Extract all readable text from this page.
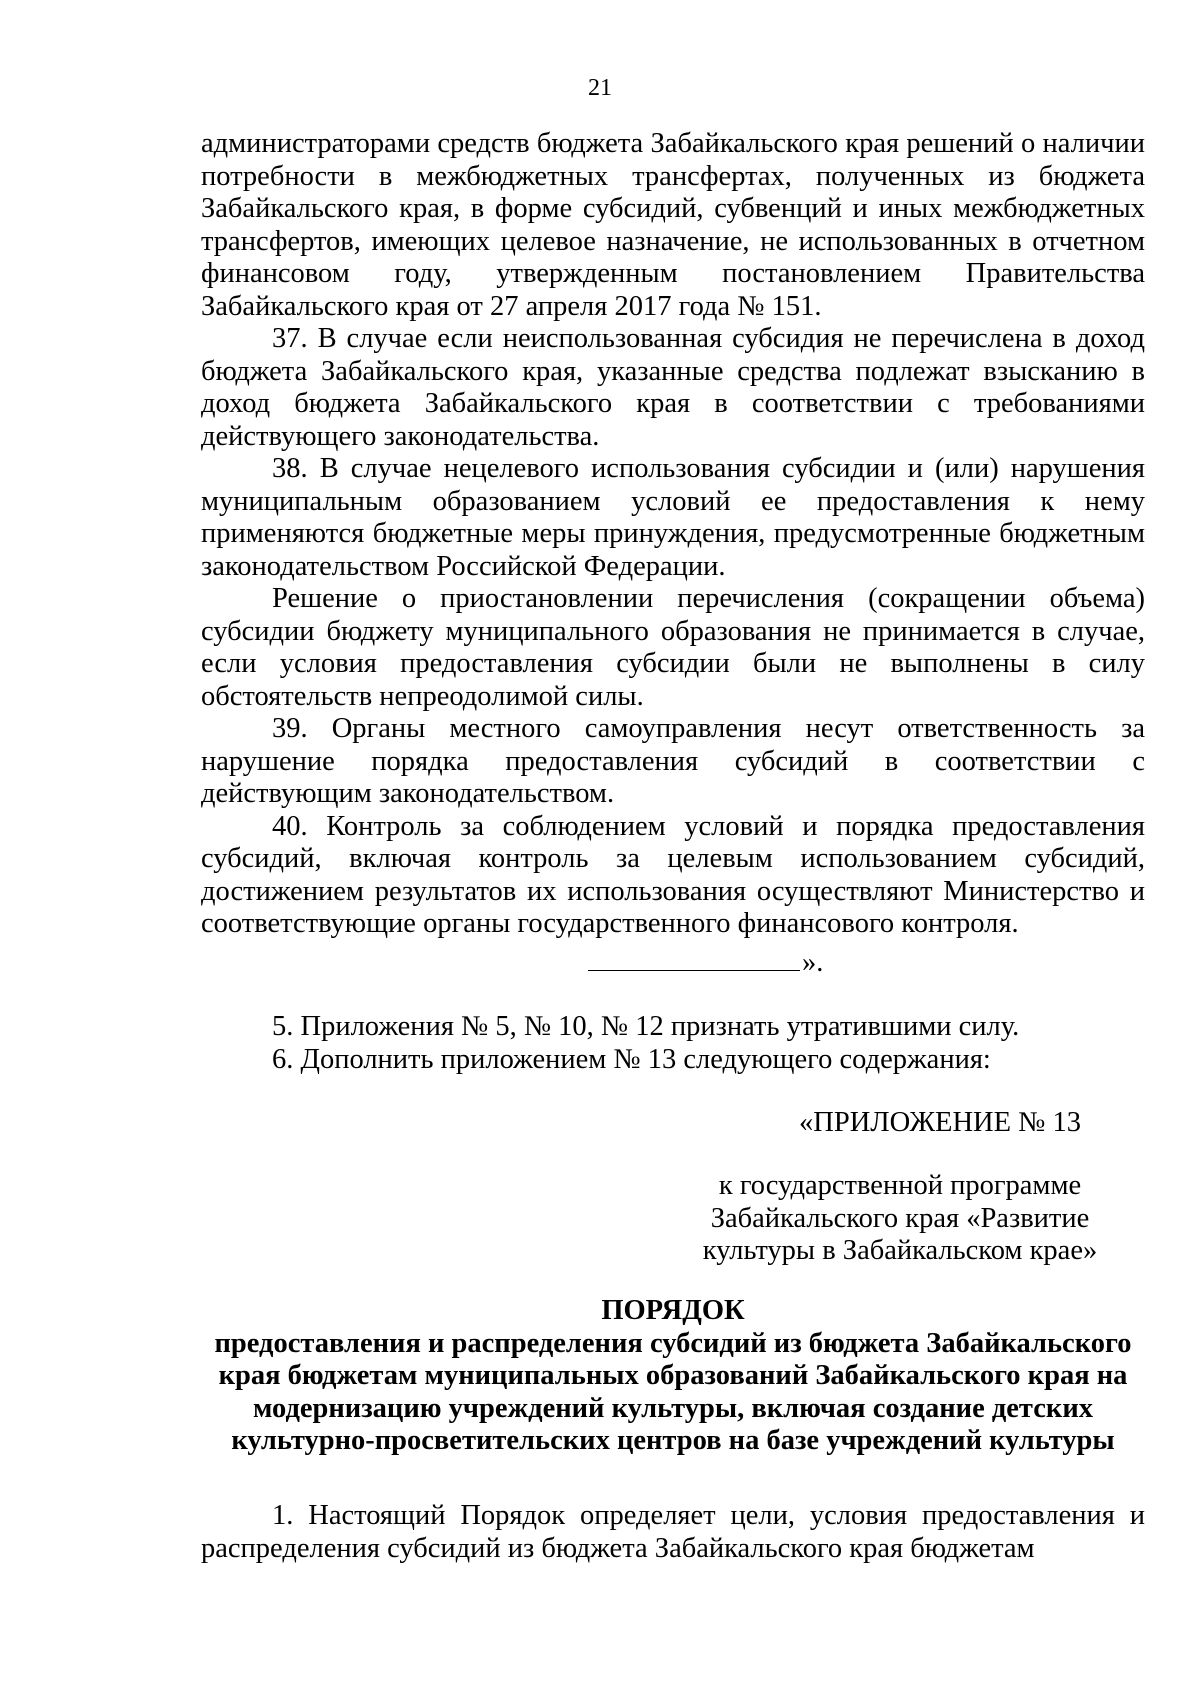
21

администраторами средств бюджета Забайкальского края решений о наличии потребности в межбюджетных трансфертах, полученных из бюджета Забайкальского края, в форме субсидий, субвенций и иных межбюджетных трансфертов, имеющих целевое назначение, не использованных в отчетном финансовом году, утвержденным постановлением Правительства Забайкальского края от 27 апреля 2017 года № 151.

37. В случае если неиспользованная субсидия не перечислена в доход бюджета Забайкальского края, указанные средства подлежат взысканию в доход бюджета Забайкальского края в соответствии с требованиями действующего законодательства.

38. В случае нецелевого использования субсидии и (или) нарушения муниципальным образованием условий ее предоставления к нему применяются бюджетные меры принуждения, предусмотренные бюджетным законодательством Российской Федерации.

Решение о приостановлении перечисления (сокращении объема) субсидии бюджету муниципального образования не принимается в случае, если условия предоставления субсидии были не выполнены в силу обстоятельств непреодолимой силы.

39. Органы местного самоуправления несут ответственность за нарушение порядка предоставления субсидий в соответствии с действующим законодательством.

40. Контроль за соблюдением условий и порядка предоставления субсидий, включая контроль за целевым использованием субсидий, достижением результатов их использования осуществляют Министерство и соответствующие органы государственного финансового контроля.

».

5. Приложения № 5, № 10, № 12 признать утратившими силу.

6. Дополнить приложением № 13 следующего содержания:

«ПРИЛОЖЕНИЕ № 13
к государственной программе
Забайкальского края «Развитие
культуры в Забайкальском крае»
ПОРЯДОК
предоставления и распределения субсидий из бюджета Забайкальского
края бюджетам муниципальных образований Забайкальского края на
модернизацию учреждений культуры, включая создание детских
культурно-просветительских центров на базе учреждений культуры

1. Настоящий Порядок определяет цели, условия предоставления и распределения субсидий из бюджета Забайкальского края бюджетам
